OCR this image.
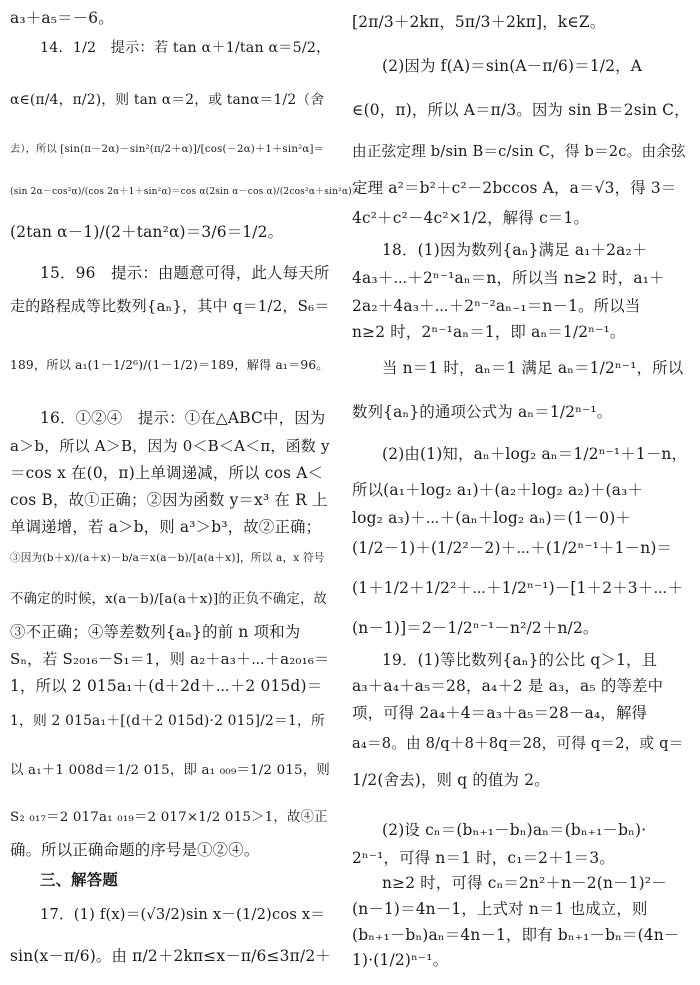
a₃＋a₅＝－6。
14．1/2　提示：若 tan α＋1/tan α＝5/2，
α∈(π/4，π/2)，则 tan α＝2，或 tanα＝1/2（舍
去），所以 [sin(π－2α)－sin²(π/2＋α)]/[cos(－2α)＋1＋sin²α]＝
(sin 2α－cos²α)/(cos 2α＋1＋sin²α)＝cos α(2sin α－cos α)/(2cos²α＋sin²α)＝
(2tan α－1)/(2＋tan²α)＝3/6＝1/2。
15．96　提示：由题意可得，此人每天所
走的路程成等比数列{aₙ}，其中 q＝1/2，S₆＝
189，所以 a₁(1－1/2⁶)/(1－1/2)＝189，解得 a₁＝96。
16．①②④　提示：①在△ABC中，因为
a＞b，所以 A＞B，因为 0＜B＜A＜π，函数 y
＝cos x 在(0，π)上单调递减，所以 cos A＜
cos B，故①正确；②因为函数 y＝x³ 在 R 上
单调递增，若 a＞b，则 a³＞b³，故②正确；
③因为(b＋x)/(a＋x)－b/a＝x(a－b)/[a(a＋x)]，所以 a，x 符号
不确定的时候，x(a－b)/[a(a＋x)]的正负不确定，故
③不正确；④等差数列{aₙ}的前 n 项和为
Sₙ，若 S₂₀₁₆－S₁＝1，则 a₂＋a₃＋⋯＋a₂₀₁₆＝
1，所以 2 015a₁＋(d＋2d＋⋯＋2 015d)＝
1，则 2 015a₁＋[(d＋2 015d)·2 015]/2＝1，所
以 a₁＋1 008d＝1/2 015，即 a₁ ₀₀₉＝1/2 015，则
S₂ ₀₁₇＝2 017a₁ ₀₁₉＝2 017×1/2 015＞1，故④正
确。所以正确命题的序号是①②④。
三、解答题
17．(1) f(x)＝(√3/2)sin x－(1/2)cos x＝
sin(x－π/6)。由 π/2＋2kπ≤x－π/6≤3π/2＋
[2π/3＋2kπ，5π/3＋2kπ]，k∈Z。
(2)因为 f(A)＝sin(A－π/6)＝1/2，A
∈(0，π)，所以 A＝π/3。因为 sin B＝2sin C，
由正弦定理 b/sin B＝c/sin C，得 b＝2c。由余弦
定理 a²＝b²＋c²－2bccos A，a＝√3，得 3＝
4c²＋c²－4c²×1/2，解得 c＝1。
18．(1)因为数列{aₙ}满足 a₁＋2a₂＋
4a₃＋⋯＋2ⁿ⁻¹aₙ＝n，所以当 n≥2 时，a₁＋
2a₂＋4a₃＋⋯＋2ⁿ⁻²aₙ₋₁＝n－1。所以当
n≥2 时，2ⁿ⁻¹aₙ＝1，即 aₙ＝1/2ⁿ⁻¹。
当 n＝1 时，aₙ＝1 满足 aₙ＝1/2ⁿ⁻¹，所以
数列{aₙ}的通项公式为 aₙ＝1/2ⁿ⁻¹。
(2)由(1)知，aₙ＋log₂ aₙ＝1/2ⁿ⁻¹＋1－n，
所以(a₁＋log₂ a₁)＋(a₂＋log₂ a₂)＋(a₃＋
log₂ a₃)＋⋯＋(aₙ＋log₂ aₙ)＝(1－0)＋
(1/2－1)＋(1/2²－2)＋⋯＋(1/2ⁿ⁻¹＋1－n)＝
(1＋1/2＋1/2²＋⋯＋1/2ⁿ⁻¹)－[1＋2＋3＋⋯＋
(n－1)]＝2－1/2ⁿ⁻¹－n²/2＋n/2。
19．(1)等比数列{aₙ}的公比 q＞1，且
a₃＋a₄＋a₅＝28，a₄＋2 是 a₃，a₅ 的等差中
项，可得 2a₄＋4＝a₃＋a₅＝28－a₄，解得
a₄＝8。由 8/q＋8＋8q＝28，可得 q＝2，或 q＝
1/2(舍去)，则 q 的值为 2。
(2)设 cₙ＝(bₙ₊₁－bₙ)aₙ＝(bₙ₊₁－bₙ)·
2ⁿ⁻¹，可得 n＝1 时，c₁＝2＋1＝3。
n≥2 时，可得 cₙ＝2n²＋n－2(n－1)²－
(n－1)＝4n－1，上式对 n＝1 也成立，则
(bₙ₊₁－bₙ)aₙ＝4n－1，即有 bₙ₊₁－bₙ＝(4n－
1)·(1/2)ⁿ⁻¹。
